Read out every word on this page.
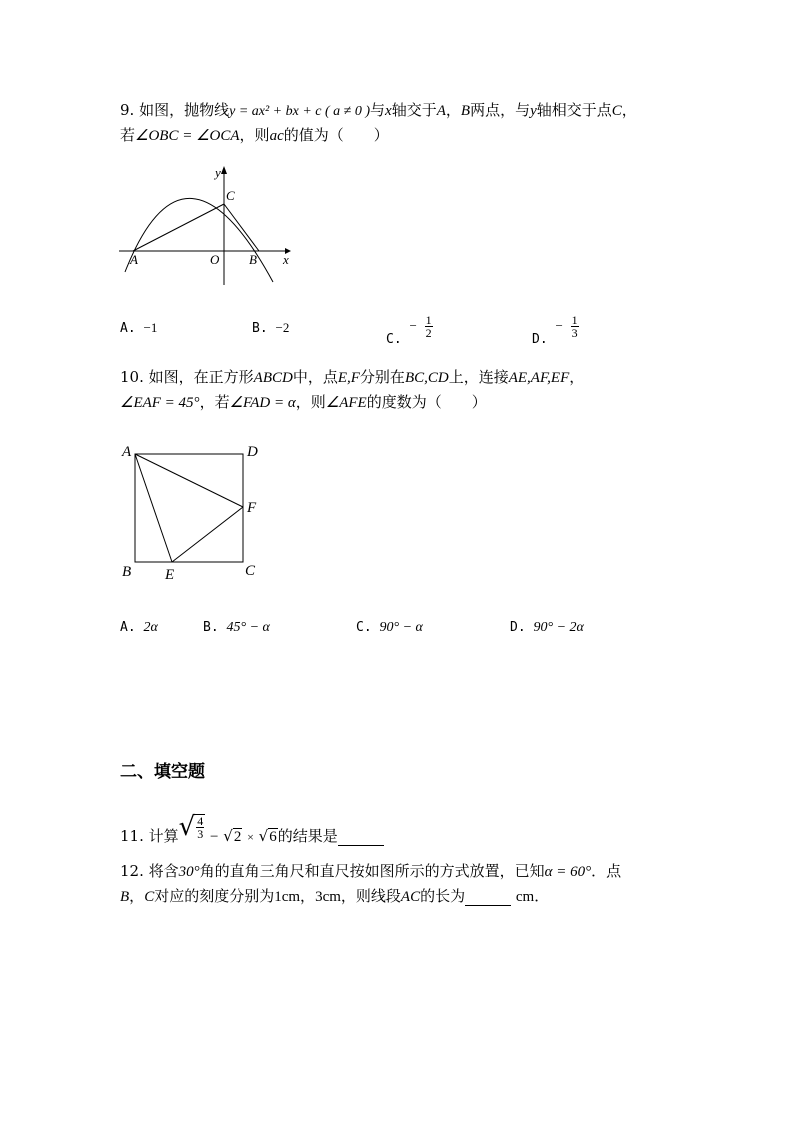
9. 如图，抛物线y = ax² + bx + c ( a ≠ 0 )与x轴交于A，B两点，与y轴相交于点C，
若∠OBC = ∠OCA，则ac的值为（　　）
y
x
C
A	O B
A. −1	B. −2
C. − $\frac{1}{2}$
D. − $\frac{1}{3}$
10. 如图，在正方形ABCD中，点E,F分别在BC,CD上，连接AE,AF,EF，
∠EAF = 45°，若∠FAD = α，则∠AFE的度数为（　　）
A	D
F
B E	C
A. 2α	B. 45° − α	C. 90° − α	D. 90° − 2α
二、填空题
11. 计算√ $\frac{4}{3} - √2$ $_\times$ √6的结果是
12. 将含30°角的直角三角尺和直尺按如图所示的方式放置，已知α = 60°．点
B，C对应的刻度分别为1cm，3cm，则线段AC的长为	cm．
